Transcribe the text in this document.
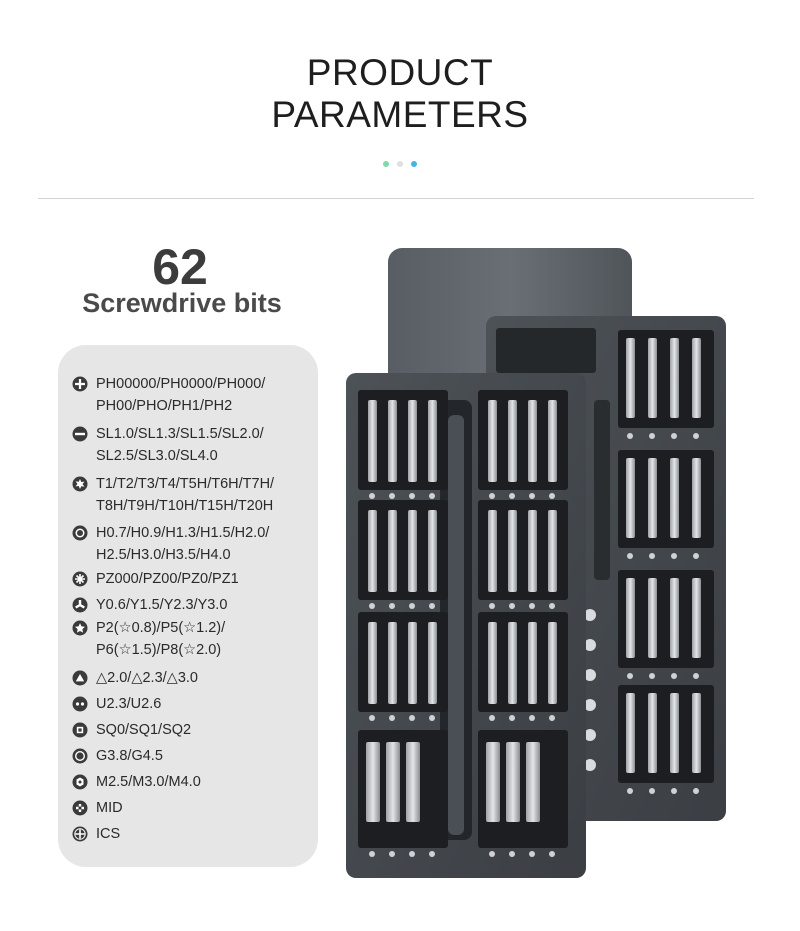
PRODUCT
PARAMETERS
62
Screwdrive bits
PH00000/PH0000/PH000/
PH00/PHO/PH1/PH2
SL1.0/SL1.3/SL1.5/SL2.0/
SL2.5/SL3.0/SL4.0
T1/T2/T3/T4/T5H/T6H/T7H/
T8H/T9H/T10H/T15H/T20H
H0.7/H0.9/H1.3/H1.5/H2.0/
H2.5/H3.0/H3.5/H4.0
PZ000/PZ00/PZ0/PZ1
Y0.6/Y1.5/Y2.3/Y3.0
P2(☆0.8)/P5(☆1.2)/
P6(☆1.5)/P8(☆2.0)
△2.0/△2.3/△3.0
U2.3/U2.6
SQ0/SQ1/SQ2
G3.8/G4.5
M2.5/M3.0/M4.0
MID
ICS
